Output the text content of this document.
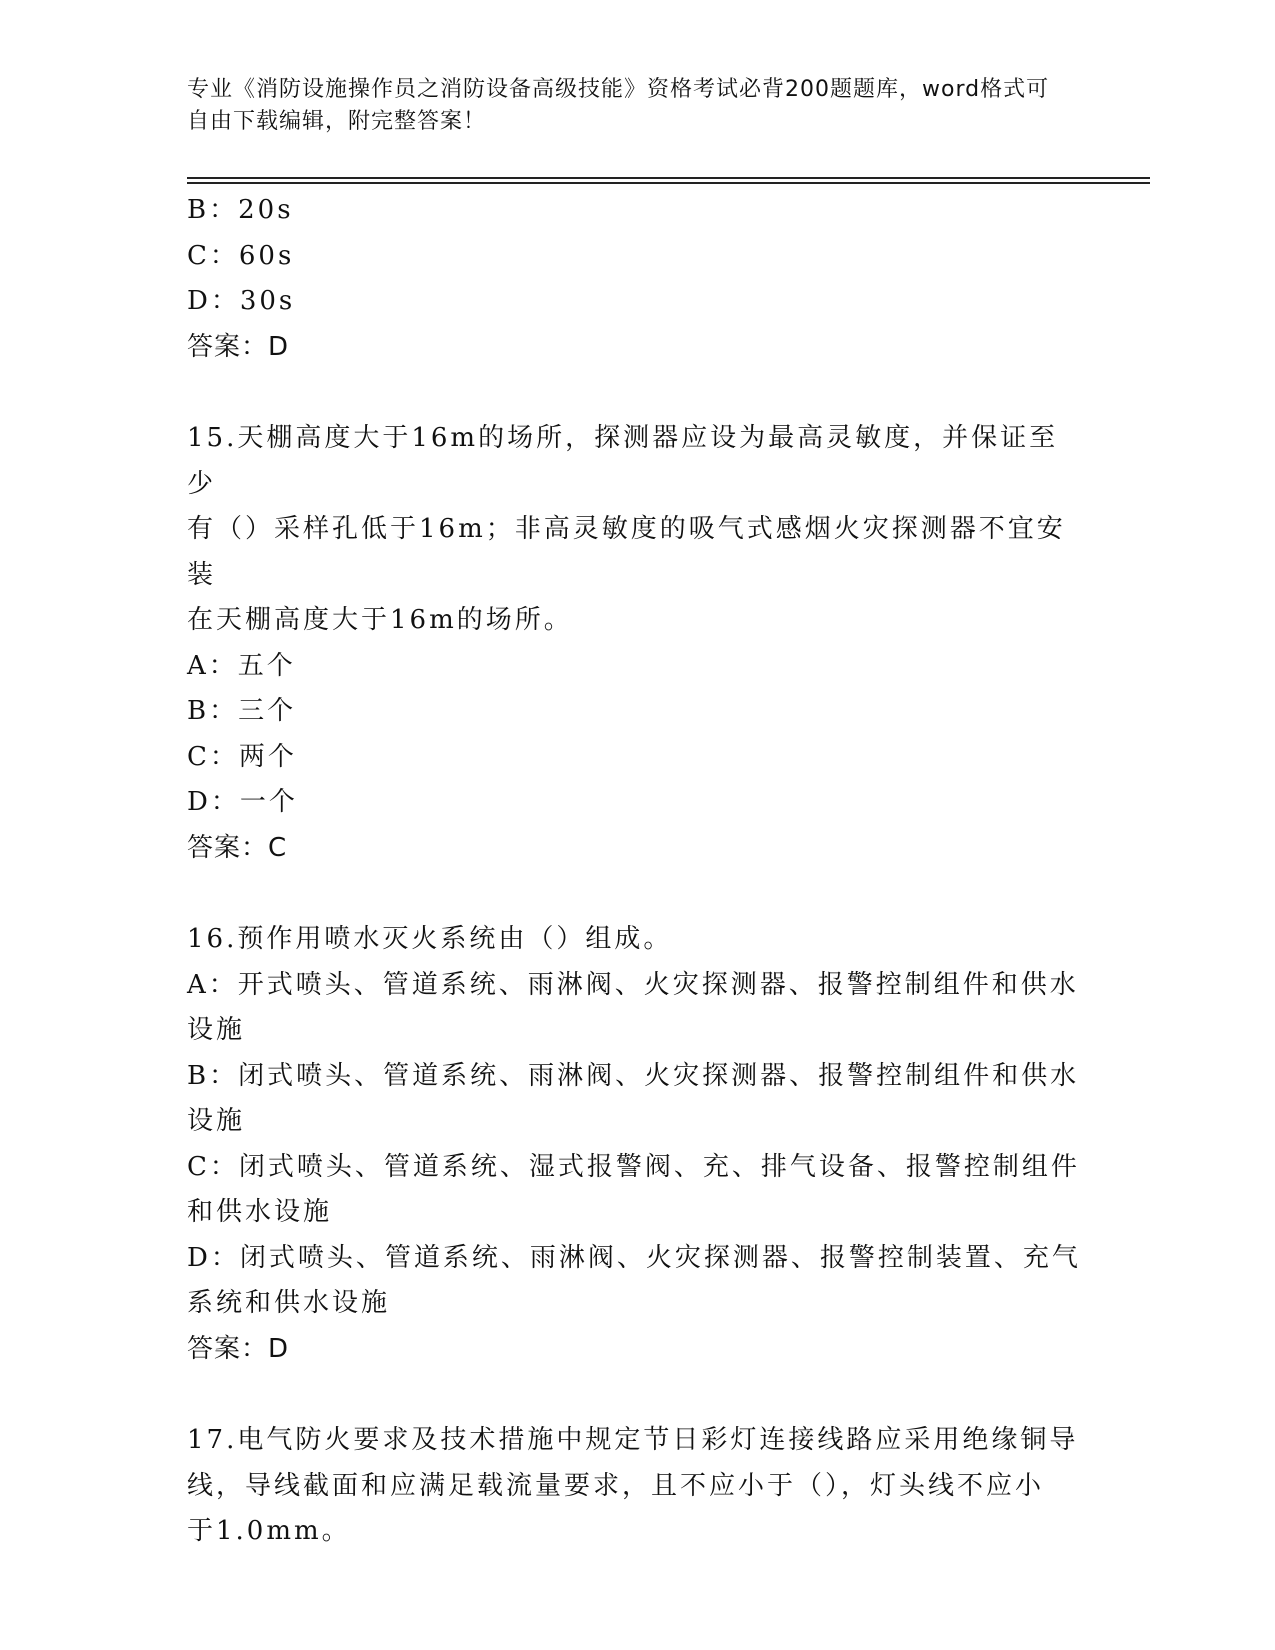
专业《消防设施操作员之消防设备高级技能》资格考试必背200题题库，word格式可自由下载编辑，附完整答案！
B：20s
C：60s
D：30s
答案：D
15.天棚高度大于16m的场所，探测器应设为最高灵敏度，并保证至少
有（）采样孔低于16m；非高灵敏度的吸气式感烟火灾探测器不宜安装
在天棚高度大于16m的场所。
A：五个
B：三个
C：两个
D：一个
答案：C
16.预作用喷水灭火系统由（）组成。
A：开式喷头、管道系统、雨淋阀、火灾探测器、报警控制组件和供水
设施
B：闭式喷头、管道系统、雨淋阀、火灾探测器、报警控制组件和供水
设施
C：闭式喷头、管道系统、湿式报警阀、充、排气设备、报警控制组件
和供水设施
D：闭式喷头、管道系统、雨淋阀、火灾探测器、报警控制装置、充气
系统和供水设施
答案：D
17.电气防火要求及技术措施中规定节日彩灯连接线路应采用绝缘铜导
线，导线截面和应满足载流量要求，且不应小于（），灯头线不应小
于1.0mm。
